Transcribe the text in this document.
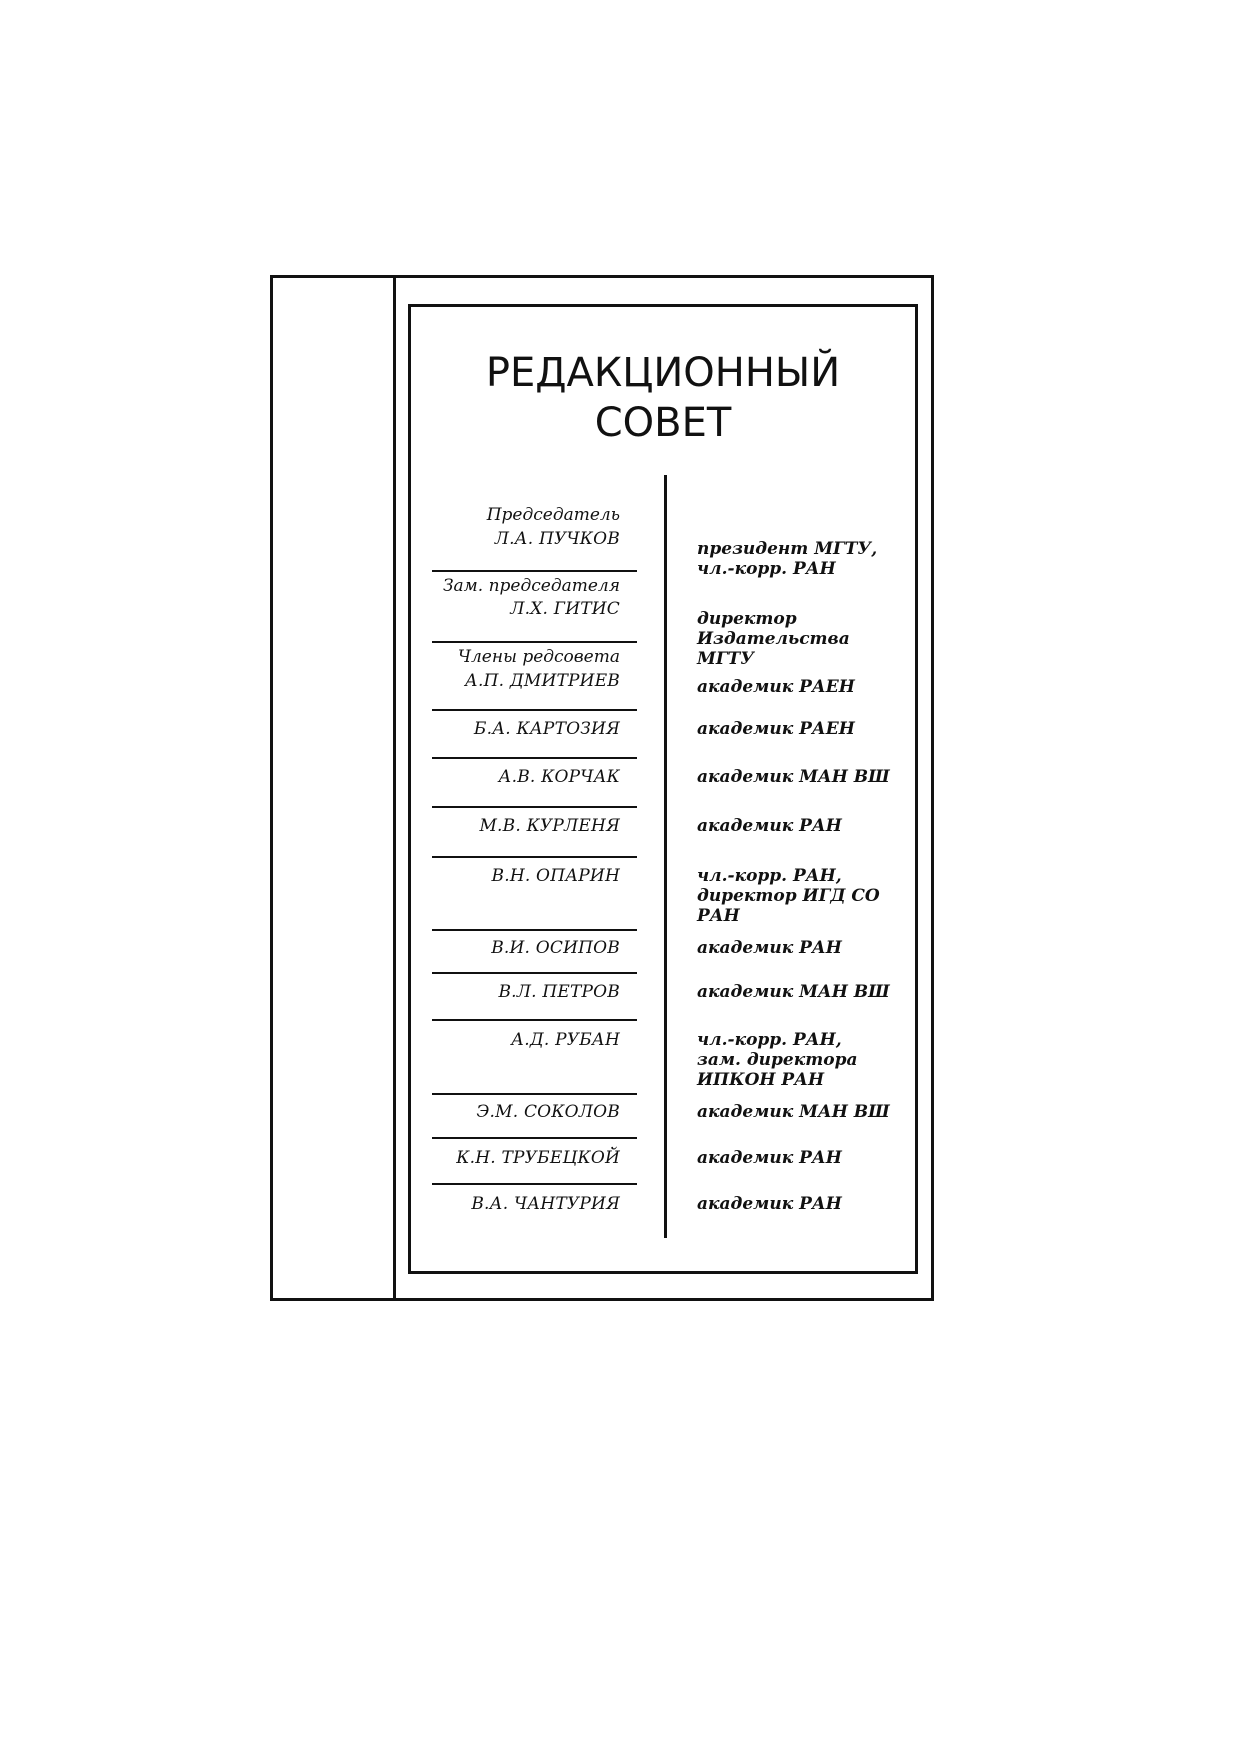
РЕДАКЦИОННЫЙ
СОВЕТ
Председатель
Л.А. ПУЧКОВ	президент МГТУ,
чл.-корр. РАН
Зам. председателя
Л.Х. ГИТИС	директор
Издательства МГТУ
Члены редсовета
А.П. ДМИТРИЕВ	академик РАЕН
Б.А. КАРТОЗИЯ	академик РАЕН
А.В. КОРЧАК	академик МАН ВШ
М.В. КУРЛЕНЯ	академик РАН
В.Н. ОПАРИН	чл.-корр. РАН,
директор ИГД СО
РАН
В.И. ОСИПОВ	академик РАН
В.Л. ПЕТРОВ	академик МАН ВШ
А.Д. РУБАН	чл.-корр. РАН,
зам. директора
ИПКОН РАН
Э.М. СОКОЛОВ	академик МАН ВШ
К.Н. ТРУБЕЦКОЙ	академик РАН
В.А. ЧАНТУРИЯ	академик РАН
